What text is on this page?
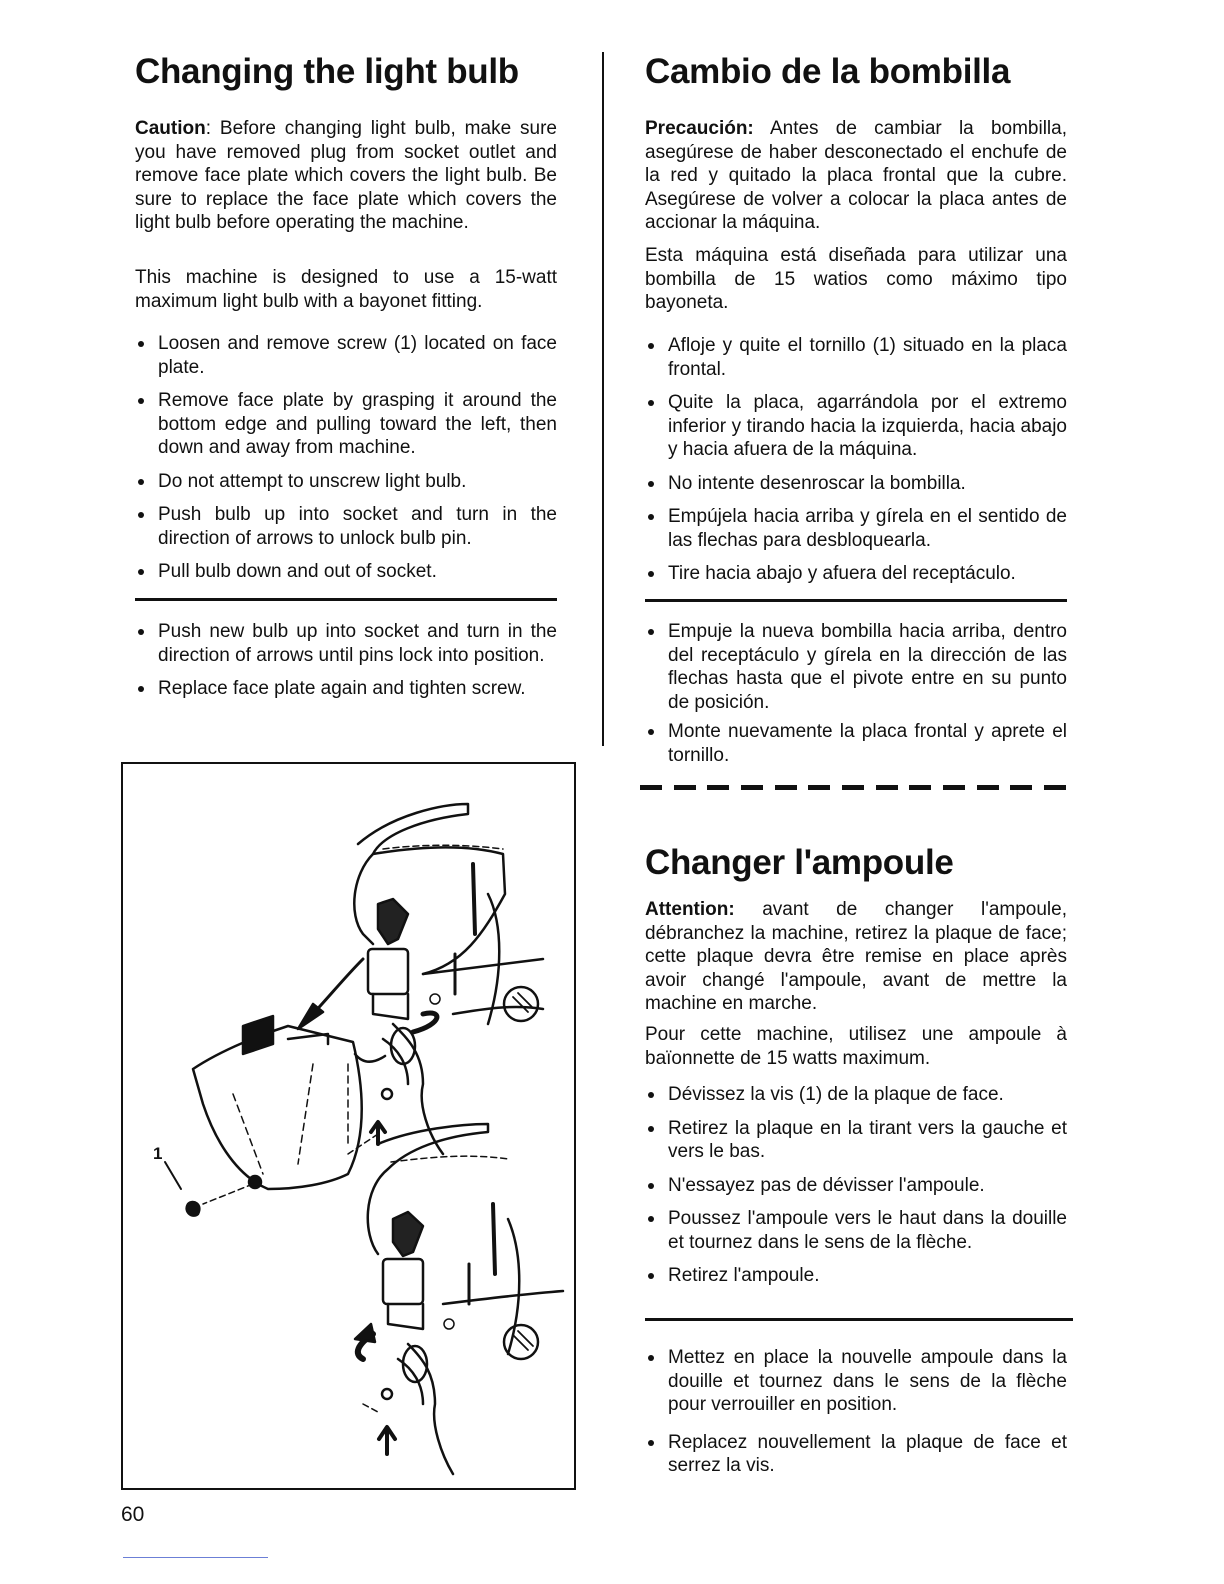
Changing the light bulb

Caution: Before changing light bulb, make sure you have removed plug from socket outlet and remove face plate which covers the light bulb. Be sure to replace the face plate which covers the light bulb before operating the machine.

This machine is designed to use a 15-watt maximum light bulb with a bayonet fitting.

Loosen and remove screw (1) located on face plate.
Remove face plate by grasping it around the bottom edge and pulling toward the left, then down and away from machine.
Do not attempt to unscrew light bulb.
Push bulb up into socket and turn in the direction of arrows to unlock bulb pin.
Pull bulb down and out of socket.
Push new bulb up into socket and turn in the direction of arrows until pins lock into position.
Replace face plate again and tighten screw.
Cambio de la bombilla

Precaución: Antes de cambiar la bombilla, asegúrese de haber desconectado el enchufe de la red y quitado la placa frontal que la cubre. Asegúrese de volver a colocar la placa antes de accionar la máquina.

Esta máquina está diseñada para utilizar una bombilla de 15 watios como máximo tipo bayoneta.

Afloje y quite el tornillo (1) situado en la placa frontal.
Quite la placa, agarrándola por el extremo inferior y tirando hacia la izquierda, hacia abajo y hacia afuera de la máquina.
No intente desenroscar la bombilla.
Empújela hacia arriba y gírela en el sentido de las flechas para desbloquearla.
Tire hacia abajo y afuera del receptáculo.
Empuje la nueva bombilla hacia arriba, dentro del receptáculo y gírela en la dirección de las flechas hasta que el pivote entre en su punto de posición.
Monte nuevamente la placa frontal y aprete el tornillo.
Changer l'ampoule

Attention: avant de changer l'ampoule, débranchez la machine, retirez la plaque de face; cette plaque devra être remise en place après avoir changé l'ampoule, avant de mettre la machine en marche.

Pour cette machine, utilisez une ampoule à baïonnette de 15 watts maximum.

Dévissez la vis (1) de la plaque de face.
Retirez la plaque en la tirant vers la gauche et vers le bas.
N'essayez pas de dévisser l'ampoule.
Poussez l'ampoule vers le haut dans la douille et tournez dans le sens de la flèche.
Retirez l'ampoule.
Mettez en place la nouvelle ampoule dans la douille et tournez dans le sens de la flèche pour verrouiller en position.
Replacez nouvellement la plaque de face et serrez la vis.
1
60
